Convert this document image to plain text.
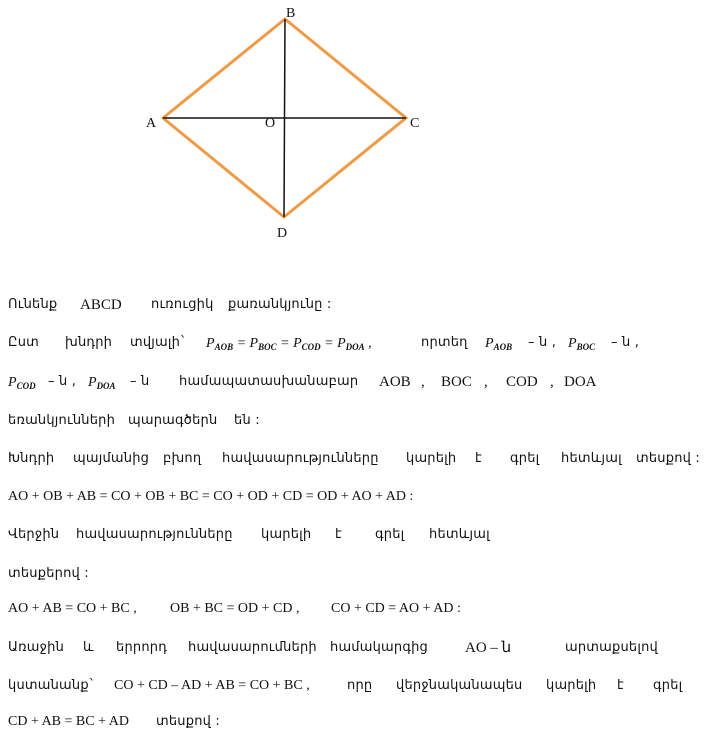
B
A	O	C
D
Ունենք ABCD ուռուցիկ քառանկյունը :
Ըստ խնդրի տվյալի` $P_{AOB} = P_{BOC} = P_{COD} = P_{DOA}$ ,	որտեղ $P_{AOB}$ – ն , $P_{BOC}$ – ն ,
$P_{COD}$ – ն , $P_{DOA}$ – ն համապատասխանաբար AOB , BOC , COD , DOA
եռանկյունների պարագծերն են :
Խնդրի պայմանից բխող հավասարությունները կարելի է գրել հետևյալ տեսքով :
AO + OB + AB = CO + OB + BC = CO + OD + CD = OD + AO + AD :
Վերջին հավասարությունները կարելի է	գրել հետևյալ
տեսքերով :
AO + AB = CO + BC , OB + BC = OD + CD , CO + CD = AO + AD :
Առաջին և երրորդ հավասարումների համակարգից AO – ն	արտաքսելով
կստանանք` CO + CD – AD + AB = CO + BC ,	որը վերջնականապես կարելի է գրել
CD + AB = BC + AD տեսքով :
